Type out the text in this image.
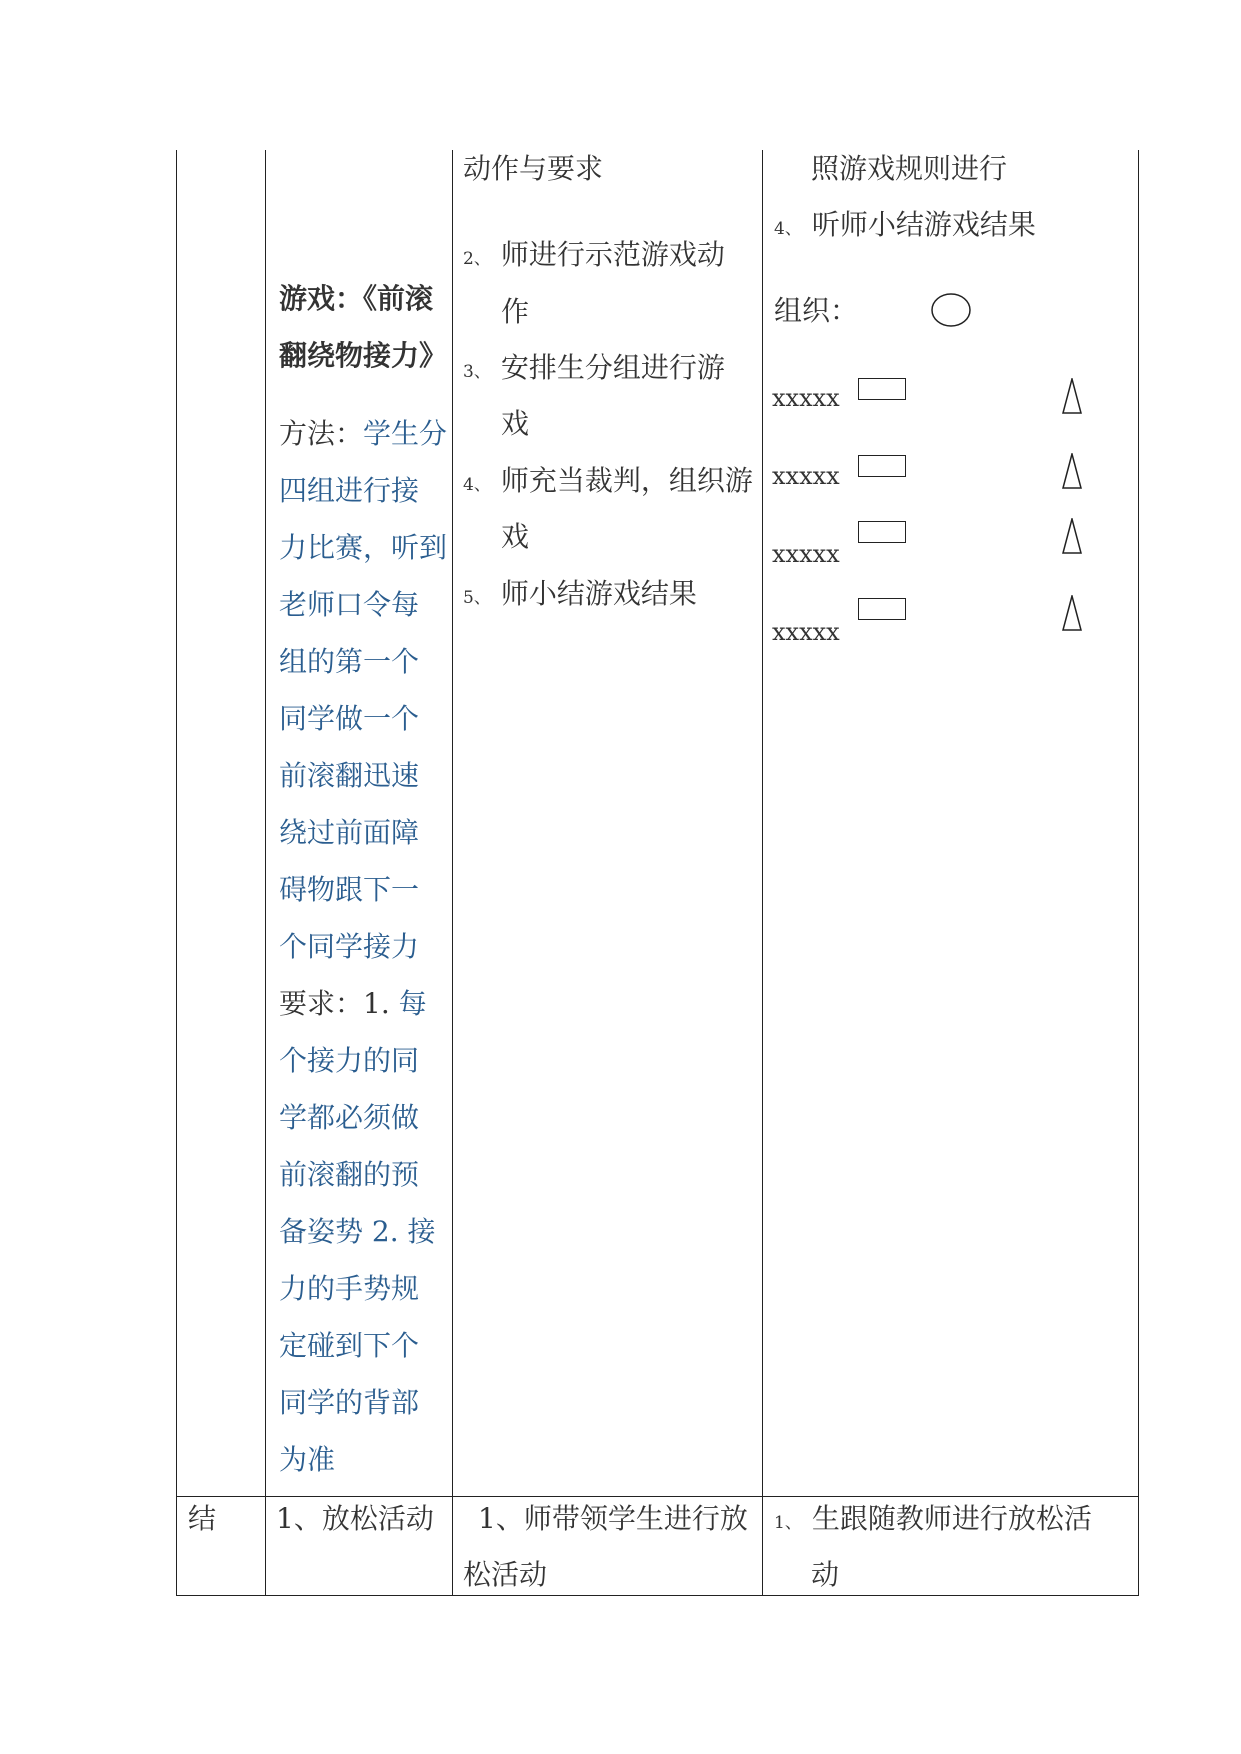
游戏：《前滚
翻绕物接力》
方法：学生分
四组进行接
力比赛，听到
老师口令每
组的第一个
同学做一个
前滚翻迅速
绕过前面障
碍物跟下一
个同学接力
要求：1. 每
个接力的同
学都必须做
前滚翻的预
备姿势 2. 接
力的手势规
定碰到下个
同学的背部
为准
动作与要求
2、 师进行示范游戏动
作
3、 安排生分组进行游
戏
4、 师充当裁判，组织游
戏
5、 师小结游戏结果
照游戏规则进行
4、 听师小结游戏结果
组织：
xxxxx
xxxxx
xxxxx
xxxxx
结 1、放松活动 1、师带领学生进行放
松活动
1、 生跟随教师进行放松活
动
